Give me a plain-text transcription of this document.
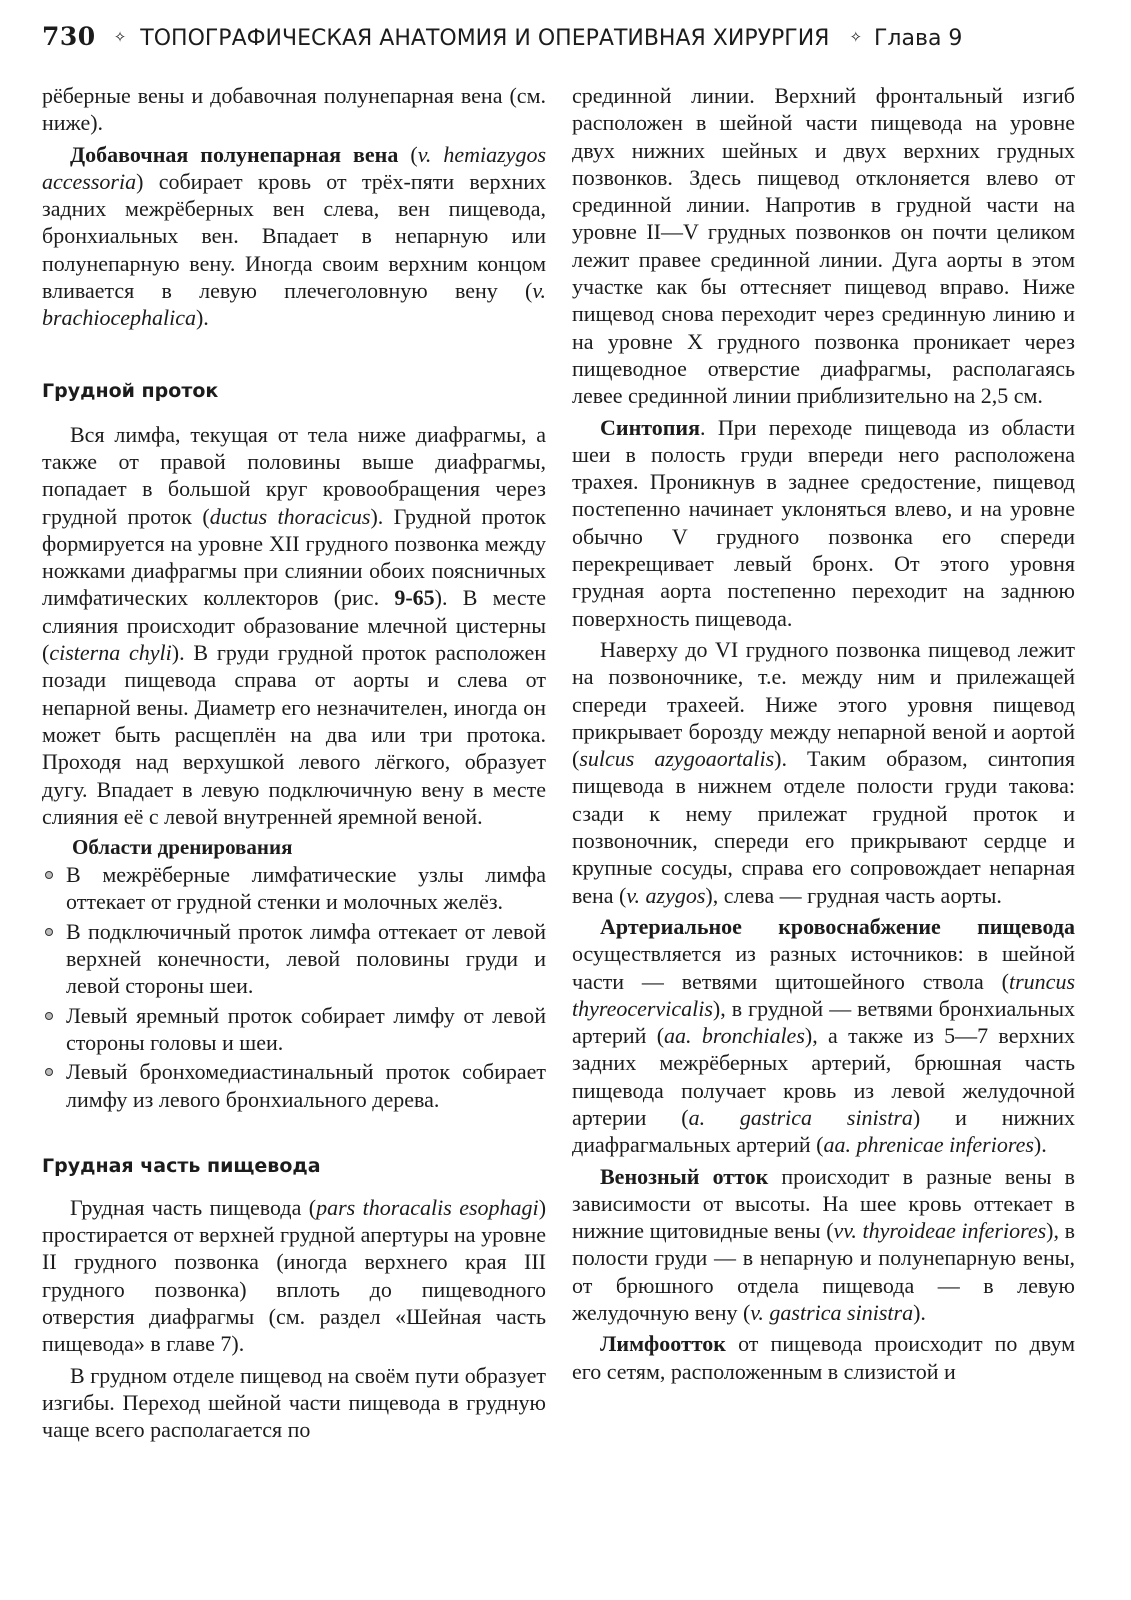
730 ✧ ТОПОГРАФИЧЕСКАЯ АНАТОМИЯ И ОПЕРАТИВНАЯ ХИРУРГИЯ ✧ Глава 9

рёберные вены и добавочная полунепарная вена (см. ниже).

Добавочная полунепарная вена (v. hemiazygos accessoria) собирает кровь от трёх-пяти верхних задних межрёберных вен слева, вен пищевода, бронхиальных вен. Впадает в непарную или полунепарную вену. Иногда своим верхним концом вливается в левую плечеголовную вену (v. brachiocephalica).

Грудной проток

Вся лимфа, текущая от тела ниже диафрагмы, а также от правой половины выше диафрагмы, попадает в большой круг кровообращения через грудной проток (ductus thoracicus). Грудной проток формируется на уровне XII грудного позвонка между ножками диафрагмы при слиянии обоих поясничных лимфатических коллекторов (рис. 9-65). В месте слияния происходит образование млечной цистерны (cisterna chyli). В груди грудной проток расположен позади пищевода справа от аорты и слева от непарной вены. Диаметр его незначителен, иногда он может быть расщеплён на два или три протока. Проходя над верхушкой левого лёгкого, образует дугу. Впадает в левую подключичную вену в месте слияния её с левой внутренней яремной веной.

Области дренирования
В межрёберные лимфатические узлы лимфа оттекает от грудной стенки и молочных желёз.
В подключичный проток лимфа оттекает от левой верхней конечности, левой половины груди и левой стороны шеи.
Левый яремный проток собирает лимфу от левой стороны головы и шеи.
Левый бронхомедиастинальный проток собирает лимфу из левого бронхиального дерева.
Грудная часть пищевода

Грудная часть пищевода (pars thoracalis esophagi) простирается от верхней грудной апертуры на уровне II грудного позвонка (иногда верхнего края III грудного позвонка) вплоть до пищеводного отверстия диафрагмы (см. раздел «Шейная часть пищевода» в главе 7).

В грудном отделе пищевод на своём пути образует изгибы. Переход шейной части пищевода в грудную чаще всего располагается по

срединной линии. Верхний фронтальный изгиб расположен в шейной части пищевода на уровне двух нижних шейных и двух верхних грудных позвонков. Здесь пищевод отклоняется влево от срединной линии. Напротив в грудной части на уровне II—V грудных позвонков он почти целиком лежит правее срединной линии. Дуга аорты в этом участке как бы оттесняет пищевод вправо. Ниже пищевод снова переходит через срединную линию и на уровне X грудного позвонка проникает через пищеводное отверстие диафрагмы, располагаясь левее срединной линии приблизительно на 2,5 см.

Синтопия. При переходе пищевода из области шеи в полость груди впереди него расположена трахея. Проникнув в заднее средостение, пищевод постепенно начинает уклоняться влево, и на уровне обычно V грудного позвонка его спереди перекрещивает левый бронх. От этого уровня грудная аорта постепенно переходит на заднюю поверхность пищевода.

Наверху до VI грудного позвонка пищевод лежит на позвоночнике, т.е. между ним и прилежащей спереди трахеей. Ниже этого уровня пищевод прикрывает борозду между непарной веной и аортой (sulcus azygoaortalis). Таким образом, синтопия пищевода в нижнем отделе полости груди такова: сзади к нему прилежат грудной проток и позвоночник, спереди его прикрывают сердце и крупные сосуды, справа его сопровождает непарная вена (v. azygos), слева — грудная часть аорты.

Артериальное кровоснабжение пищевода осуществляется из разных источников: в шейной части — ветвями щитошейного ствола (truncus thyreocervicalis), в грудной — ветвями бронхиальных артерий (aa. bronchiales), а также из 5—7 верхних задних межрёберных артерий, брюшная часть пищевода получает кровь из левой желудочной артерии (a. gastrica sinistra) и нижних диафрагмальных артерий (aa. phrenicae inferiores).

Венозный отток происходит в разные вены в зависимости от высоты. На шее кровь оттекает в нижние щитовидные вены (vv. thyroideae inferiores), в полости груди — в непарную и полунепарную вены, от брюшного отдела пищевода — в левую желудочную вену (v. gastrica sinistra).

Лимфоотток от пищевода происходит по двум его сетям, расположенным в слизистой и
